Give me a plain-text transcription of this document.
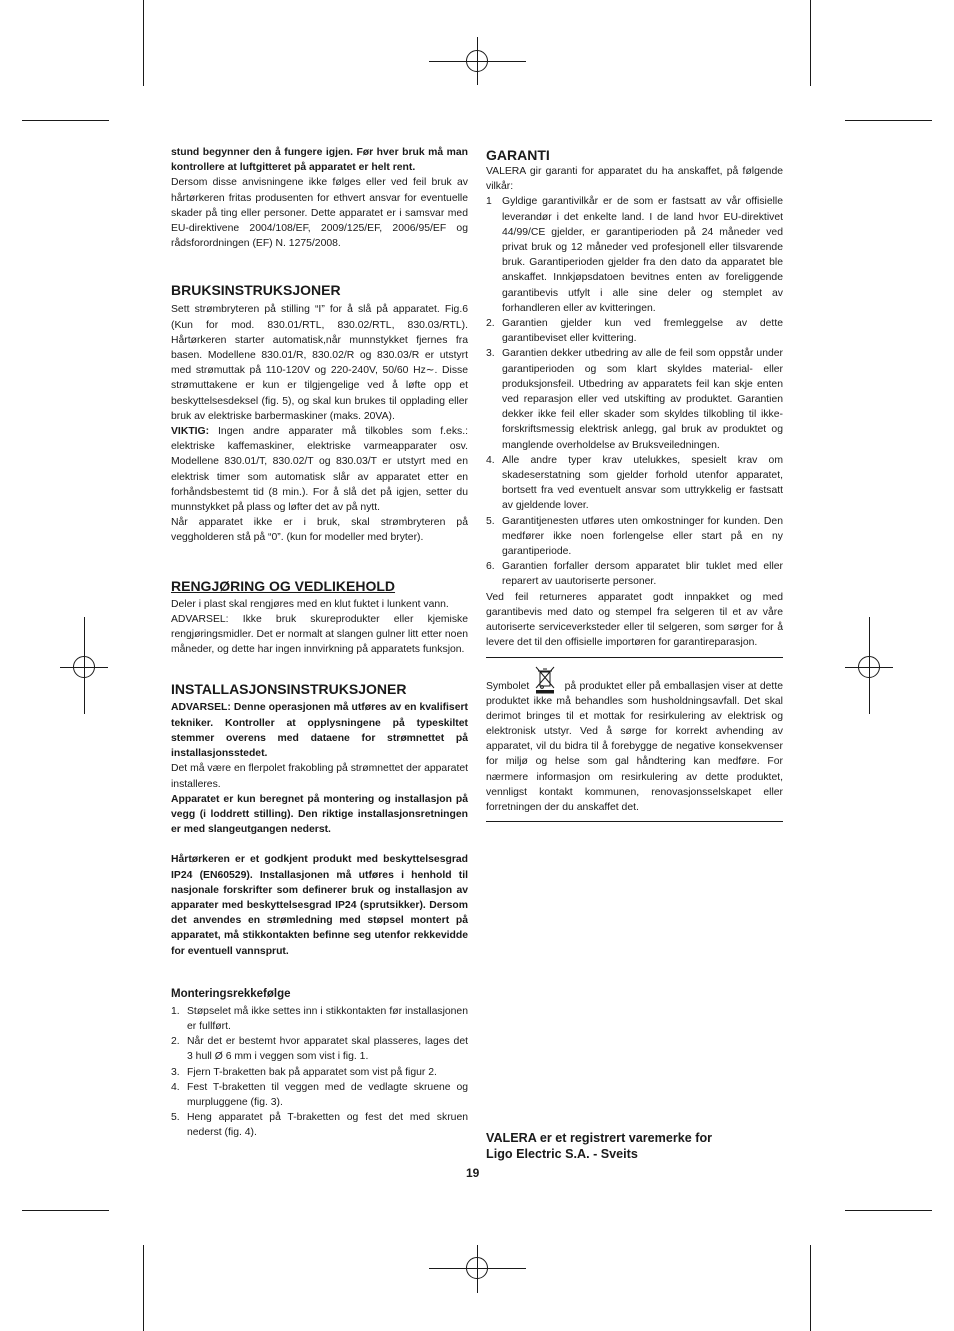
stund begynner den å fungere igjen. Før hver bruk må man kontrollere at luftgitteret på apparatet er helt rent.

Dersom disse anvisningene ikke følges eller ved feil bruk av hårtørkeren fritas produsenten for ethvert ansvar for eventuelle skader på ting eller personer. Dette apparatet er i samsvar med EU-direktivene 2004/108/EF, 2009/125/EF, 2006/95/EF og rådsforordningen (EF) N. 1275/2008.

BRUKSINSTRUKSJONER

Sett strømbryteren på stilling “I” for å slå på apparatet. Fig.6 (Kun for mod. 830.01/RTL, 830.02/RTL, 830.03/RTL). Hårtørkeren starter automatisk,når munnstykket fjernes fra basen. Modellene 830.01/R, 830.02/R og 830.03/R er utstyrt med strømuttak på 110-120V og 220-240V, 50/60 Hz∼. Disse strømuttakene er kun er tilgjengelige ved å løfte opp et beskyttelsesdeksel (fig. 5), og skal kun brukes til opplading eller bruk av elektriske barbermaskiner (maks. 20VA).

VIKTIG: Ingen andre apparater må tilkobles som f.eks.: elektriske kaffemaskiner, elektriske varmeapparater osv. Modellene 830.01/T, 830.02/T og 830.03/T er utstyrt med en elektrisk timer som automatisk slår av apparatet etter en forhåndsbestemt tid (8 min.). For å slå det på igjen, setter du munnstykket på plass og løfter det av på nytt.

Når apparatet ikke er i bruk, skal strømbryteren på veggholderen stå på “0”. (kun for modeller med bryter).

RENGJØRING OG VEDLIKEHOLD

Deler i plast skal rengjøres med en klut fuktet i lunkent vann.

ADVARSEL: Ikke bruk skureprodukter eller kjemiske rengjøringsmidler. Det er normalt at slangen gulner litt etter noen måneder, og dette har ingen innvirkning på apparatets funksjon.

INSTALLASJONSINSTRUKSJONER

ADVARSEL: Denne operasjonen må utføres av en kvalifisert tekniker. Kontroller at opplysningene på typeskiltet stemmer overens med dataene for strømnettet på installasjonsstedet.

Det må være en flerpolet frakobling på strømnettet der apparatet installeres.

Apparatet er kun beregnet på montering og installasjon på vegg (i loddrett stilling). Den riktige installasjonsretningen er med slangeutgangen nederst.

Hårtørkeren er et godkjent produkt med beskyttelsesgrad IP24 (EN60529). Installasjonen må utføres i henhold til nasjonale forskrifter som definerer bruk og installasjon av apparater med beskyttelsesgrad IP24 (sprutsikker). Dersom det anvendes en strømledning med støpsel montert på apparatet, må stikkontakten befinne seg utenfor rekkevidde for eventuell vannsprut.

Monteringsrekkefølge
1. Støpselet må ikke settes inn i stikkontakten før installasjonen er fullført.
2. Når det er bestemt hvor apparatet skal plasseres, lages det 3 hull Ø 6 mm i veggen som vist i fig. 1.
3. Fjern T-braketten bak på apparatet som vist på figur 2.
4. Fest T-braketten til veggen med de vedlagte skruene og murpluggene (fig. 3).
5. Heng apparatet på T-braketten og fest det med skruen nederst (fig. 4).
GARANTI

VALERA gir garanti for apparatet du ha anskaffet, på følgende vilkår:

1 Gyldige garantivilkår er de som er fastsatt av vår offisielle leverandør i det enkelte land. I de land hvor EU-direktivet 44/99/CE gjelder, er garantiperioden på 24 måneder ved privat bruk og 12 måneder ved profesjonell eller tilsvarende bruk. Garantiperioden gjelder fra den dato da apparatet ble anskaffet. Innkjøpsdatoen bevitnes enten av foreliggende garantibevis utfylt i alle sine deler og stemplet av forhandleren eller av kvitteringen.
2. Garantien gjelder kun ved fremleggelse av dette garantibeviset eller kvittering.
3. Garantien dekker utbedring av alle de feil som oppstår under garantiperioden og som klart skyldes material- eller produksjonsfeil. Utbedring av apparatets feil kan skje enten ved reparasjon eller ved utskifting av produktet. Garantien dekker ikke feil eller skader som skyldes tilkobling til ikke-forskriftsmessig elektrisk anlegg, gal bruk av produktet og manglende overholdelse av Bruksveiledningen.
4. Alle andre typer krav utelukkes, spesielt krav om skadeserstatning som gjelder forhold utenfor apparatet, bortsett fra ved eventuelt ansvar som uttrykkelig er fastsatt av gjeldende lover.
5. Garantitjenesten utføres uten omkostninger for kunden. Den medfører ikke noen forlengelse eller start på en ny garantiperiode.
6. Garantien forfaller dersom apparatet blir tuklet med eller reparert av uautoriserte personer.

Ved feil returneres apparatet godt innpakket og med garantibevis med dato og stempel fra selgeren til et av våre autoriserte serviceverksteder eller til selgeren, som sørger for å levere det til den offisielle importøren for garantireparasjon.

Symbolet	på produktet eller på emballasjen viser at dette produktet ikke må behandles som husholdningsavfall. Det skal derimot bringes til et mottak for resirkulering av elektrisk og elektronisk utstyr. Ved å sørge for korrekt avhending av apparatet, vil du bidra til å forebygge de negative konsekvenser for miljø og helse som gal håndtering kan medføre. For nærmere informasjon om resirkulering av dette produktet, vennligst kontakt kommunen, renovasjonsselskapet eller forretningen der du anskaffet det.

VALERA er et registrert varemerke for
Ligo Electric S.A. - Sveits
19
